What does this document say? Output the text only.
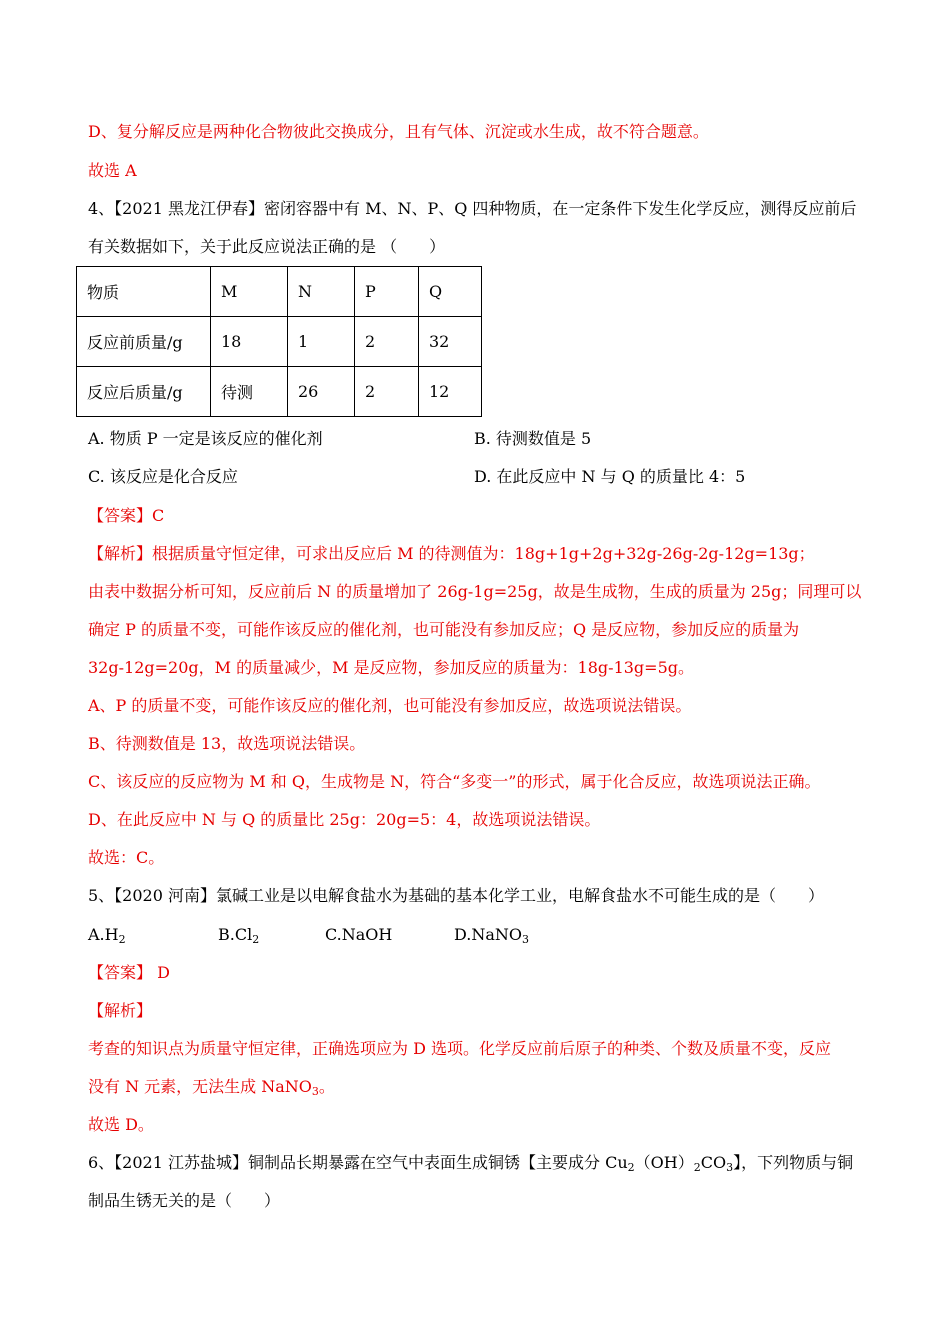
D、复分解反应是两种化合物彼此交换成分，且有气体、沉淀或水生成，故不符合题意。
故选 A
4、【2021 黑龙江伊春】密闭容器中有 M、N、P、Q 四种物质，在一定条件下发生化学反应，测得反应前后
有关数据如下，关于此反应说法正确的是 （　　）
物质	M	N	P	Q
反应前质量/g	18	1	2	32
反应后质量/g	待测	26	2	12
A. 物质 P 一定是该反应的催化剂	B. 待测数值是 5
C. 该反应是化合反应	D. 在此反应中 N 与 Q 的质量比 4：5
【答案】C
【解析】根据质量守恒定律，可求出反应后 M 的待测值为：18g+1g+2g+32g-26g-2g-12g=13g；
由表中数据分析可知，反应前后 N 的质量增加了 26g-1g=25g，故是生成物，生成的质量为 25g；同理可以
确定 P 的质量不变，可能作该反应的催化剂，也可能没有参加反应；Q 是反应物，参加反应的质量为
32g-12g=20g，M 的质量减少，M 是反应物，参加反应的质量为：18g-13g=5g。
A、P 的质量不变，可能作该反应的催化剂，也可能没有参加反应，故选项说法错误。
B、待测数值是 13，故选项说法错误。
C、该反应的反应物为 M 和 Q，生成物是 N，符合“多变一”的形式，属于化合反应，故选项说法正确。
D、在此反应中 N 与 Q 的质量比 25g：20g=5：4，故选项说法错误。
故选：C。
5、【2020 河南】氯碱工业是以电解食盐水为基础的基本化学工业，电解食盐水不可能生成的是（　　）
$A.H_2$	$B.Cl_2$	C.NaOH	D.NaNO$_3$
【答案】 D
【解析】
考查的知识点为质量守恒定律，正确选项应为 D 选项。化学反应前后原子的种类、个数及质量不变，反应
没有 N 元素，无法生成 NaNO$_3$。
故选 D。
6、【2021 江苏盐城】铜制品长期暴露在空气中表面生成铜锈【主要成分 $Cu_2(OH)_2CO_3$】，下列物质与铜
制品生锈无关的是（　　）
